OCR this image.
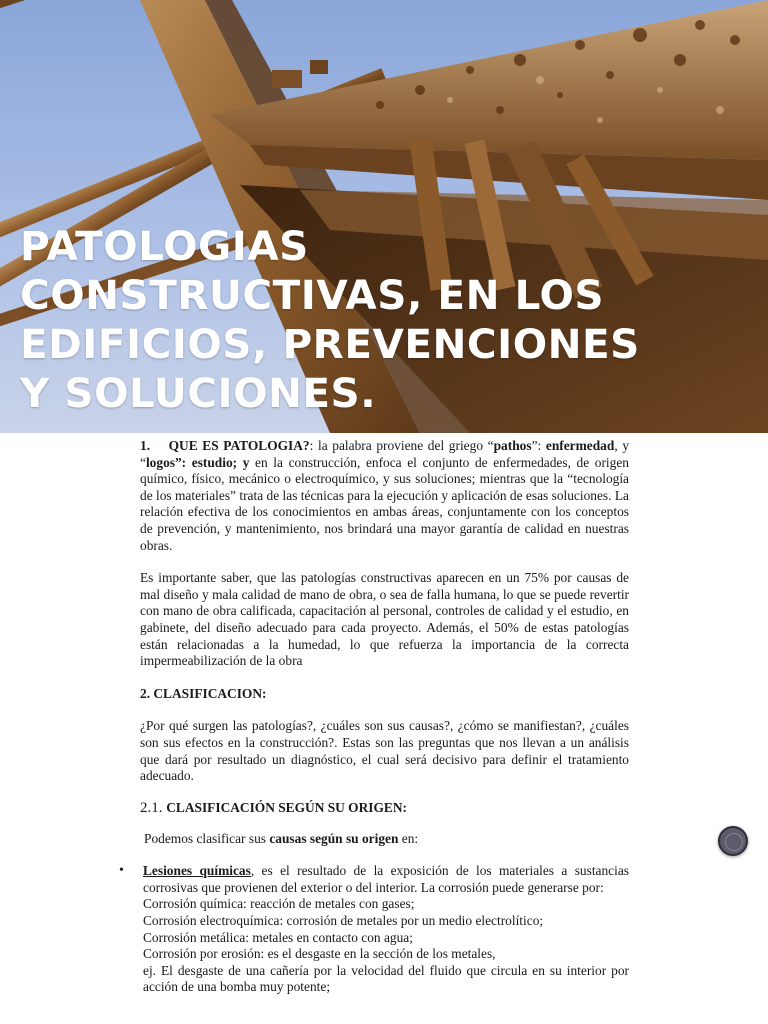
PATOLOGIAS
CONSTRUCTIVAS, EN LOS
EDIFICIOS, PREVENCIONES
Y SOLUCIONES.

1. QUE ES PATOLOGIA?: la palabra proviene del griego “pathos”: enfermedad, y “logos”: estudio; y en la construcción, enfoca el conjunto de enfermedades, de origen químico, físico, mecánico o electroquímico, y sus soluciones; mientras que la “tecnología de los materiales” trata de las técnicas para la ejecución y aplicación de esas soluciones. La relación efectiva de los conocimientos en ambas áreas, conjuntamente con los conceptos de prevención, y mantenimiento, nos brindará una mayor garantía de calidad en nuestras obras.

Es importante saber, que las patologías constructivas aparecen en un 75% por causas de mal diseño y mala calidad de mano de obra, o sea de falla humana, lo que se puede revertir con mano de obra calificada, capacitación al personal, controles de calidad y el estudio, en gabinete, del diseño adecuado para cada proyecto. Además, el 50% de estas patologías están relacionadas a la humedad, lo que refuerza la importancia de la correcta impermeabilización de la obra

2. CLASIFICACION:

¿Por qué surgen las patologías?, ¿cuáles son sus causas?, ¿cómo se manifiestan?, ¿cuáles son sus efectos en la construcción?. Estas son las preguntas que nos llevan a un análisis que dará por resultado un diagnóstico, el cual será decisivo para definir el tratamiento adecuado.

2.1. CLASIFICACIÓN SEGÚN SU ORIGEN:

Podemos clasificar sus causas según su origen en:

• Lesiones químicas, es el resultado de la exposición de los materiales a sustancias corrosivas que provienen del exterior o del interior. La corrosión puede generarse por:

Corrosión química: reacción de metales con gases;
Corrosión electroquímica: corrosión de metales por un medio electrolítico;
Corrosión metálica: metales en contacto con agua;
Corrosión por erosión: es el desgaste en la sección de los metales,
ej. El desgaste de una cañería por la velocidad del fluido que circula en su interior por acción de una bomba muy potente;
